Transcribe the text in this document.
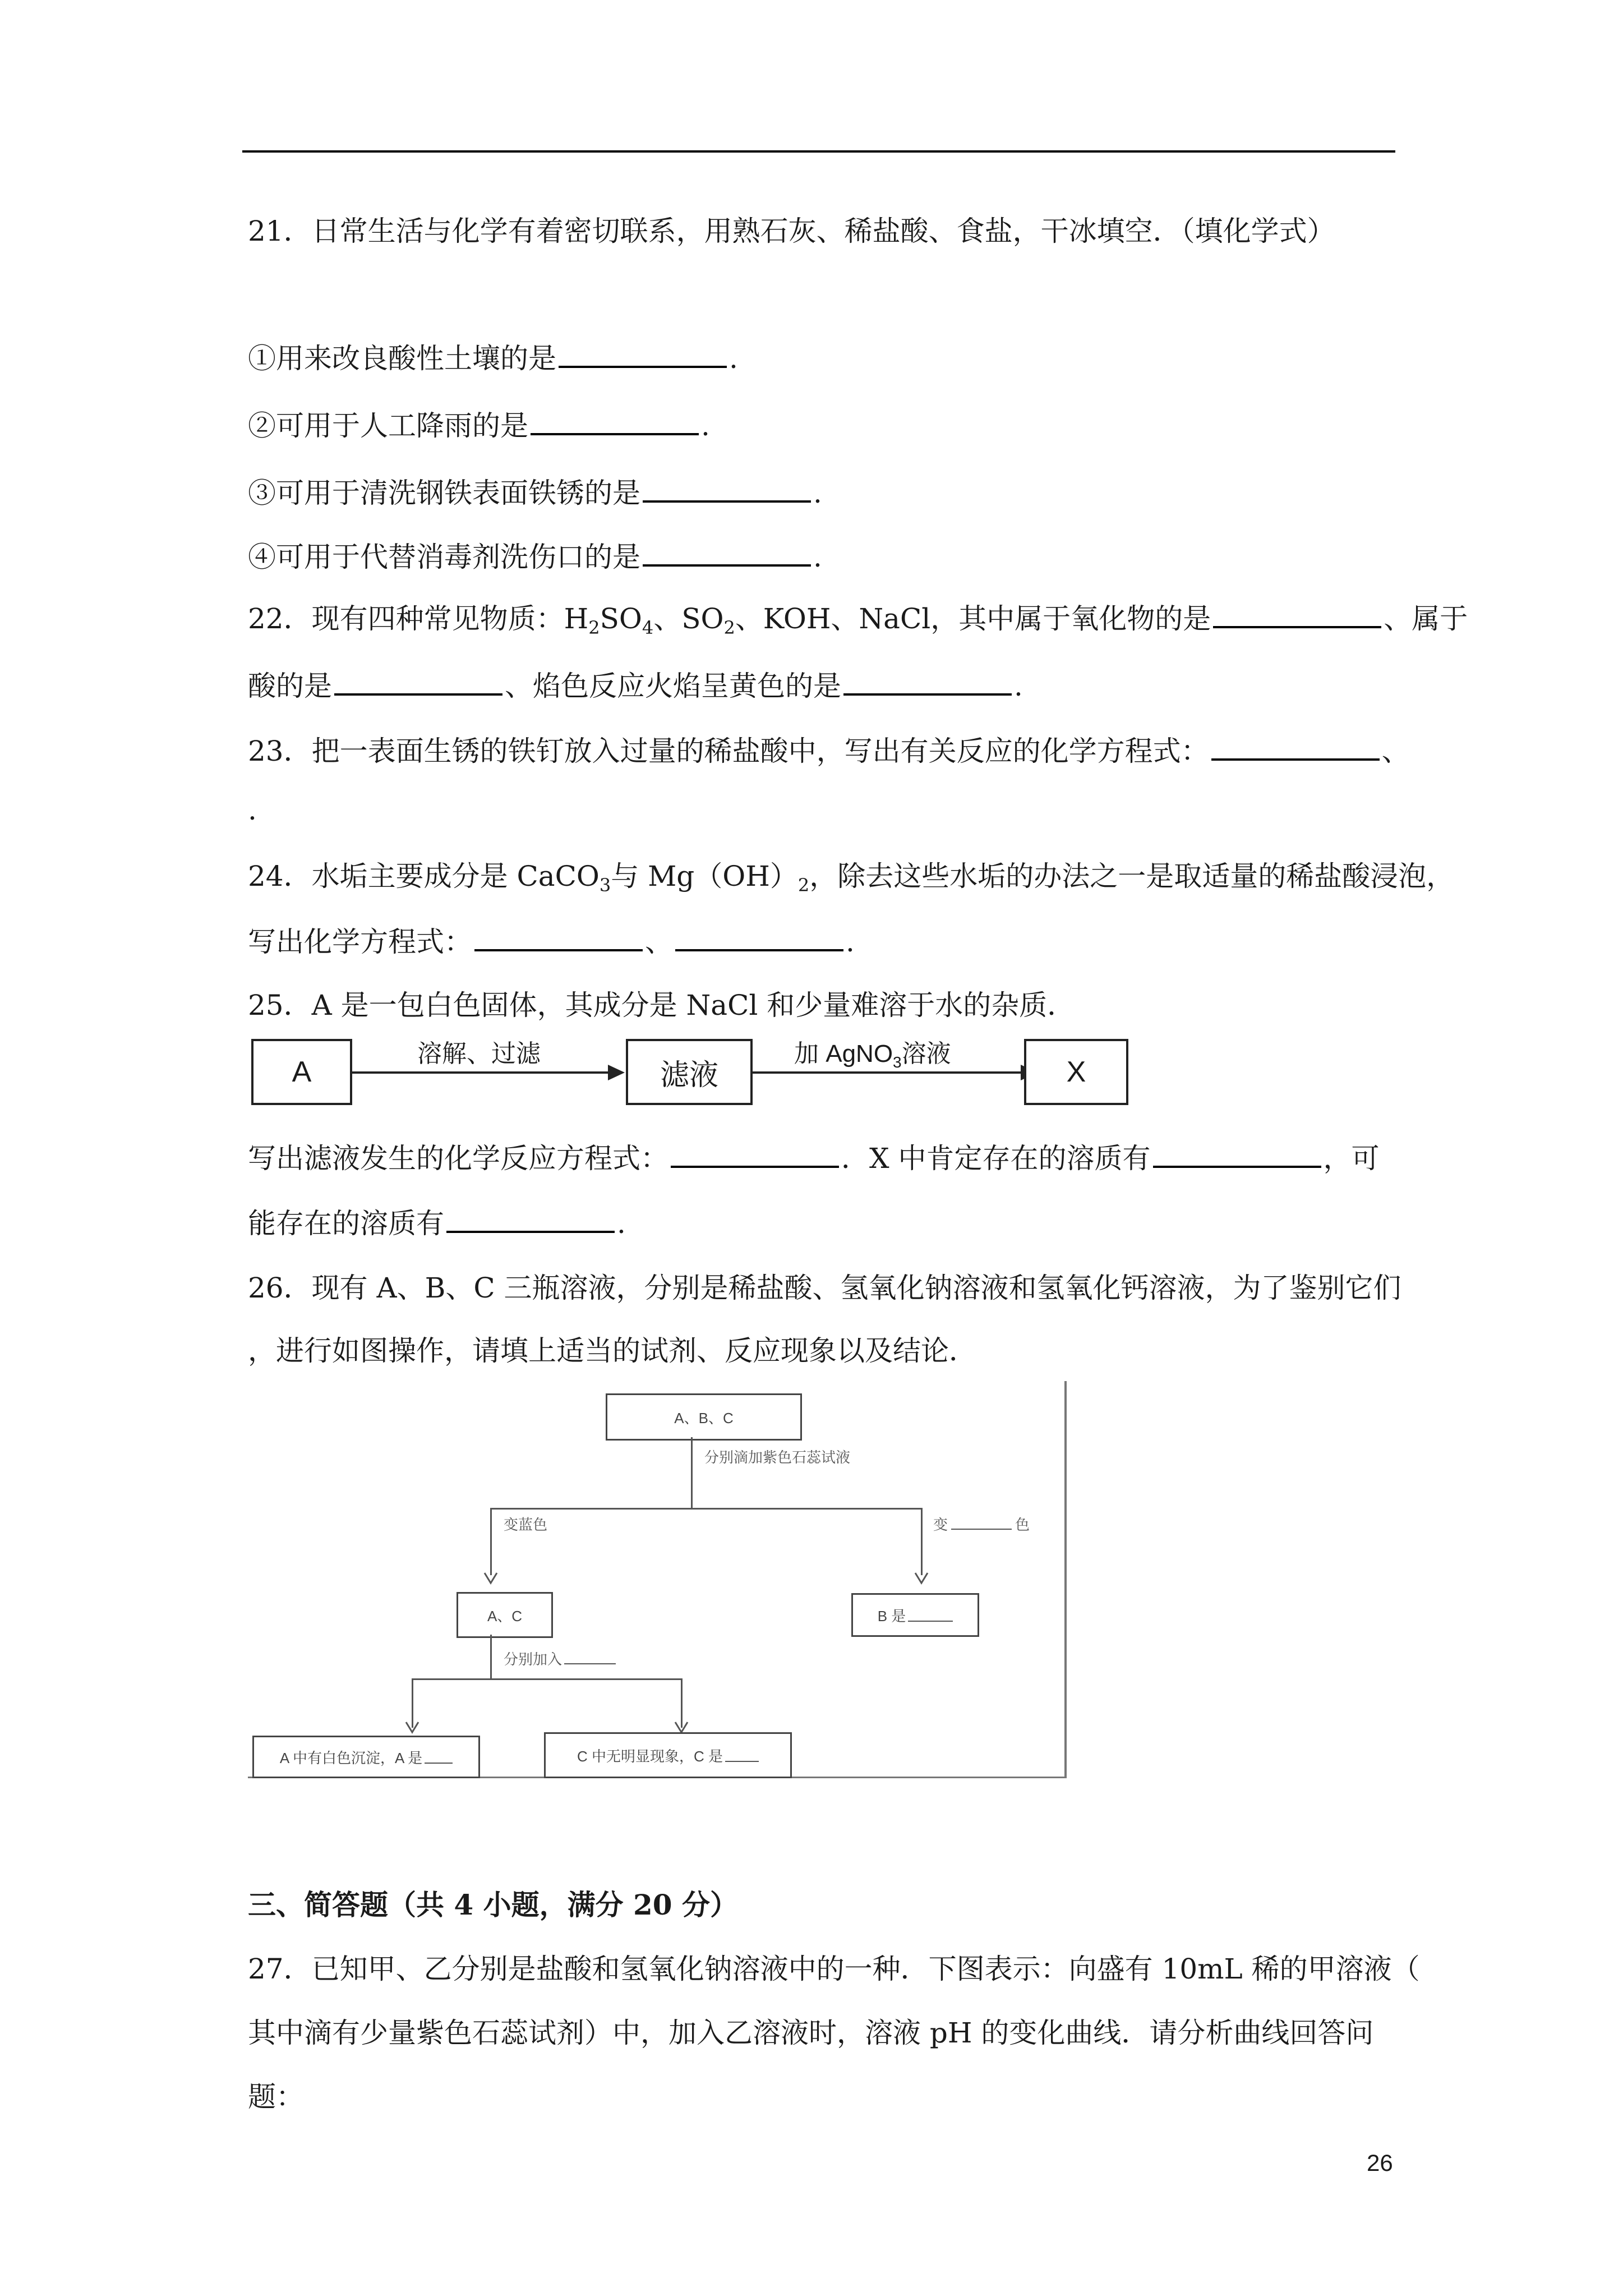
21．日常生活与化学有着密切联系，用熟石灰、稀盐酸、食盐，干冰填空．（填化学式）
①用来改良酸性土壤的是	.
②可用于人工降雨的是	.
③可用于清洗钢铁表面铁锈的是	.
④可用于代替消毒剂洗伤口的是	.
22．现有四种常见物质：$H_2SO_4$、$SO_2$、KOH、NaCl，其中属于氧化物的是	、属于
酸的是	、焰色反应火焰呈黄色的是	.
23．把一表面生锈的铁钉放入过量的稀盐酸中，写出有关反应的化学方程式：	、
.
24．水垢主要成分是 CaCO$_3$与 $Mg(OH)_2$，除去这些水垢的办法之一是取适量的稀盐酸浸泡，
写出化学方程式：	、	.
25．A 是一包白色固体，其成分是 NaCl 和少量难溶于水的杂质．
A
溶解、过滤
滤液
加 AgNO$_3$溶液
X
写出滤液发生的化学反应方程式：	．X 中肯定存在的溶质有	，可
能存在的溶质有	.
26．现有 A、B、C 三瓶溶液，分别是稀盐酸、氢氧化钠溶液和氢氧化钙溶液，为了鉴别它们
，进行如图操作，请填上适当的试剂、反应现象以及结论．
A、B、C
分别滴加紫色石蕊试液
变蓝色	变	色
A、C	B 是
分别加入
A 中有白色沉淀，A 是	C 中无明显现象，C 是
三、简答题（共 4 小题，满分 20 分）
27．已知甲、乙分别是盐酸和氢氧化钠溶液中的一种．下图表示：向盛有 10mL 稀的甲溶液（
其中滴有少量紫色石蕊试剂）中，加入乙溶液时，溶液 pH 的变化曲线．请分析曲线回答问
题：
26
